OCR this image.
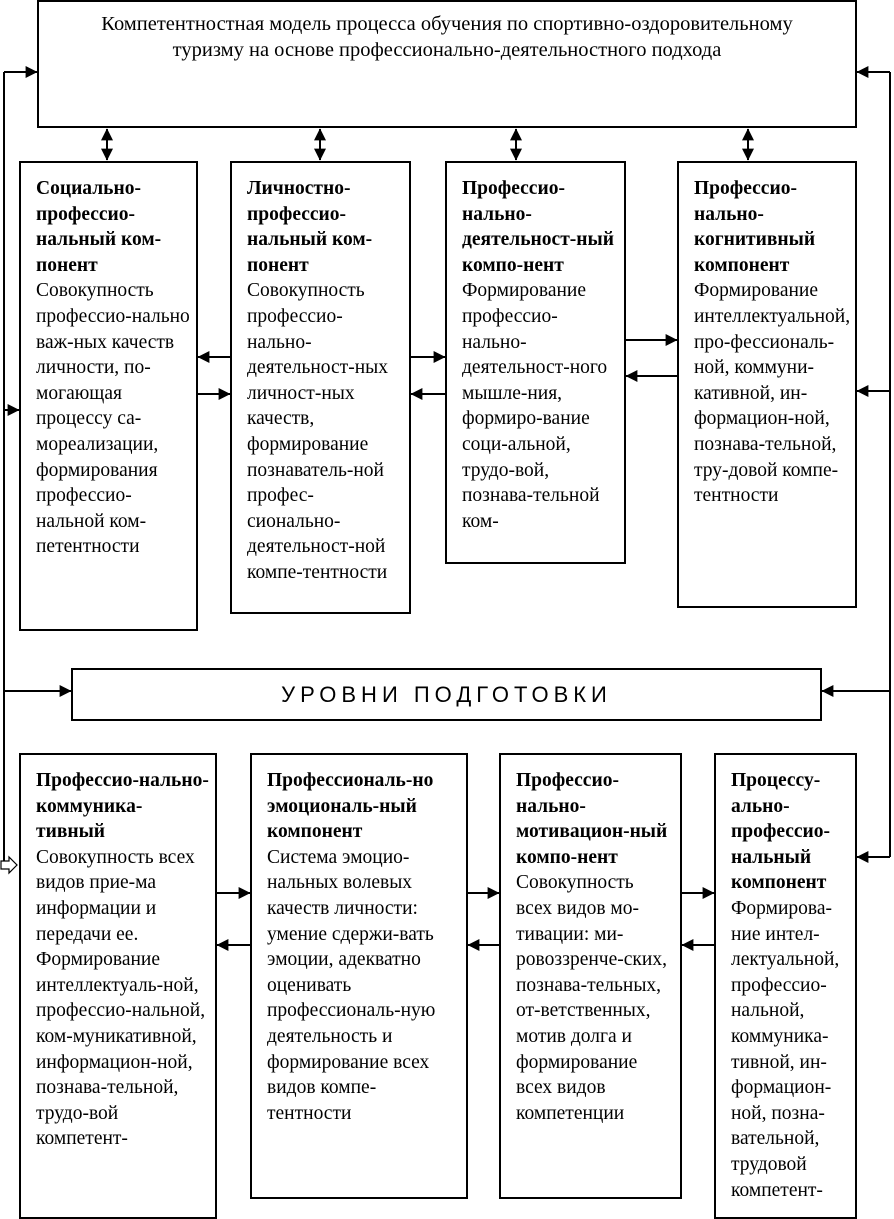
Компетентностная модель процесса обучения по спортивно-оздоровительному туризму на основе профессионально-деятельностного подхода
Социально-профессио-нальный ком-понент
Совокупность профессио-нально важ-ных качеств личности, по-могающая процессу са-мореализации, формирования профессио-нальной ком-петентности
Личностно-профессио-нальный ком-понент
Совокупность профессио-нально-деятельност-ных личност-ных качеств, формирование познаватель-ной профес-сионально-деятельност-ной компе-тентности
Профессио-нально-деятельност-ный компо-нент
Формирование профессио-нально-деятельност-ного мышле-ния, формиро-вание соци-альной, трудо-вой, познава-тельной ком-
Профессио-нально-когнитивный компонент
Формирование интеллектуальной, про-фессиональ-ной, коммуни-кативной, ин-формацион-ной, познава-тельной, тру-довой компе-тентности
УРОВНИ ПОДГОТОВКИ
Профессио-нально-коммуника-тивный
Совокупность всех видов прие-ма информации и передачи ее. Формирование интеллектуаль-ной, профессио-нальной, ком-муникативной, информацион-ной, познава-тельной, трудо-вой компетент-
Профессиональ-но эмоциональ-ный компонент
Система эмоцио-нальных волевых качеств личности: умение сдержи-вать эмоции, адекватно оценивать профессиональ-ную деятельность и формирование всех видов компе-тентности
Профессио-нально-мотивацион-ный компо-нент
Совокупность всех видов мо-тивации: ми-ровоззренче-ских, познава-тельных, от-ветственных, мотив долга и формирование всех видов компетенции
Процессу-ально-профессио-нальный компонент
Формирова-ние интел-лектуальной, профессио-нальной, коммуника-тивной, ин-формацион-ной, позна-вательной, трудовой компетент-
